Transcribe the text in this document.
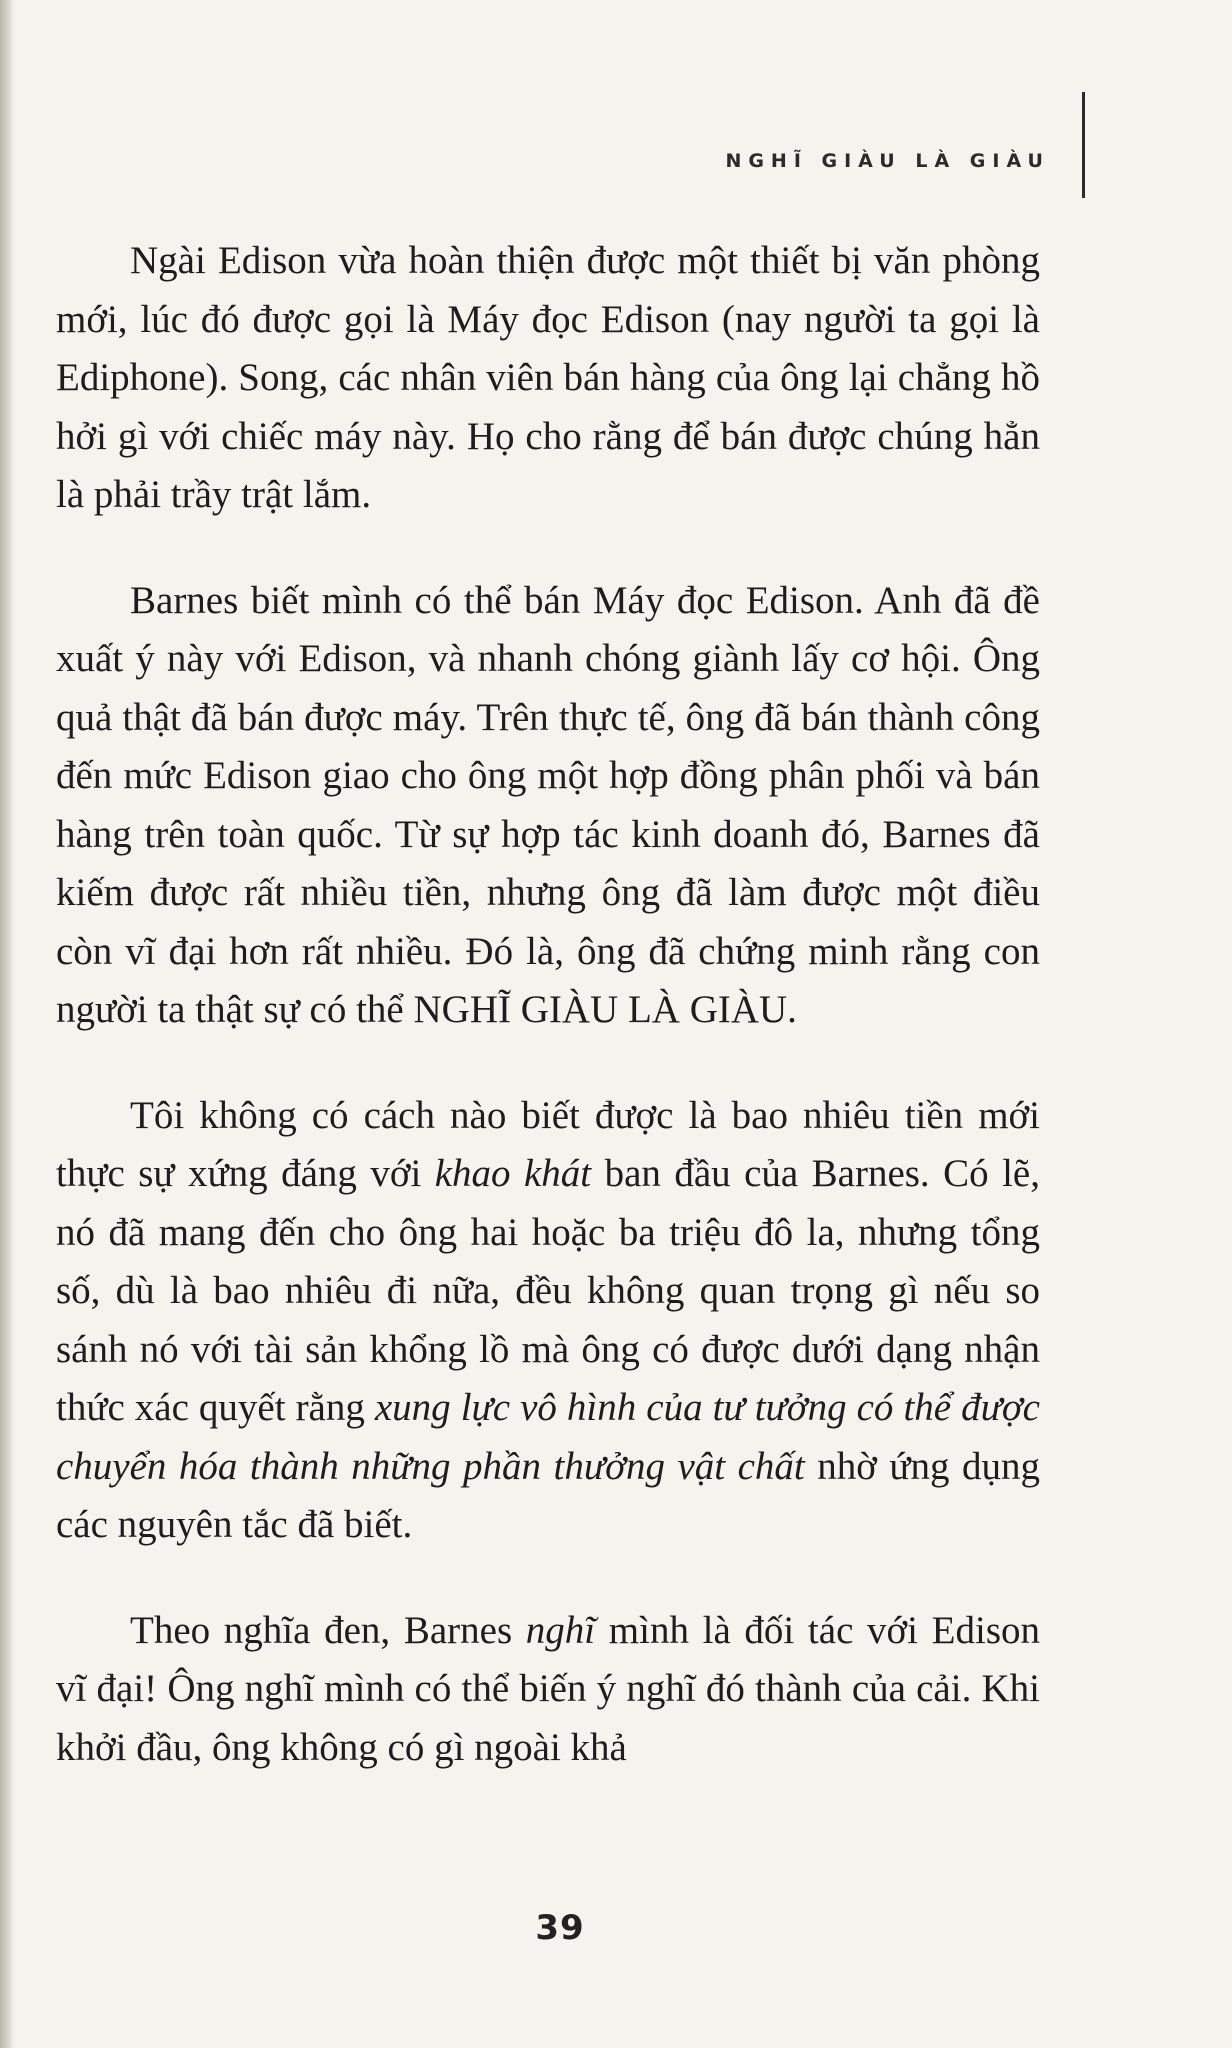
NGHĨ GIÀU LÀ GIÀU

Ngài Edison vừa hoàn thiện được một thiết bị văn phòng mới, lúc đó được gọi là Máy đọc Edison (nay người ta gọi là Ediphone). Song, các nhân viên bán hàng của ông lại chẳng hồ hởi gì với chiếc máy này. Họ cho rằng để bán được chúng hẳn là phải trầy trật lắm.

Barnes biết mình có thể bán Máy đọc Edison. Anh đã đề xuất ý này với Edison, và nhanh chóng giành lấy cơ hội. Ông quả thật đã bán được máy. Trên thực tế, ông đã bán thành công đến mức Edison giao cho ông một hợp đồng phân phối và bán hàng trên toàn quốc. Từ sự hợp tác kinh doanh đó, Barnes đã kiếm được rất nhiều tiền, nhưng ông đã làm được một điều còn vĩ đại hơn rất nhiều. Đó là, ông đã chứng minh rằng con người ta thật sự có thể NGHĨ GIÀU LÀ GIÀU.

Tôi không có cách nào biết được là bao nhiêu tiền mới thực sự xứng đáng với khao khát ban đầu của Barnes. Có lẽ, nó đã mang đến cho ông hai hoặc ba triệu đô la, nhưng tổng số, dù là bao nhiêu đi nữa, đều không quan trọng gì nếu so sánh nó với tài sản khổng lồ mà ông có được dưới dạng nhận thức xác quyết rằng xung lực vô hình của tư tưởng có thể được chuyển hóa thành những phần thưởng vật chất nhờ ứng dụng các nguyên tắc đã biết.

Theo nghĩa đen, Barnes nghĩ mình là đối tác với Edison vĩ đại! Ông nghĩ mình có thể biến ý nghĩ đó thành của cải. Khi khởi đầu, ông không có gì ngoài khả

39
